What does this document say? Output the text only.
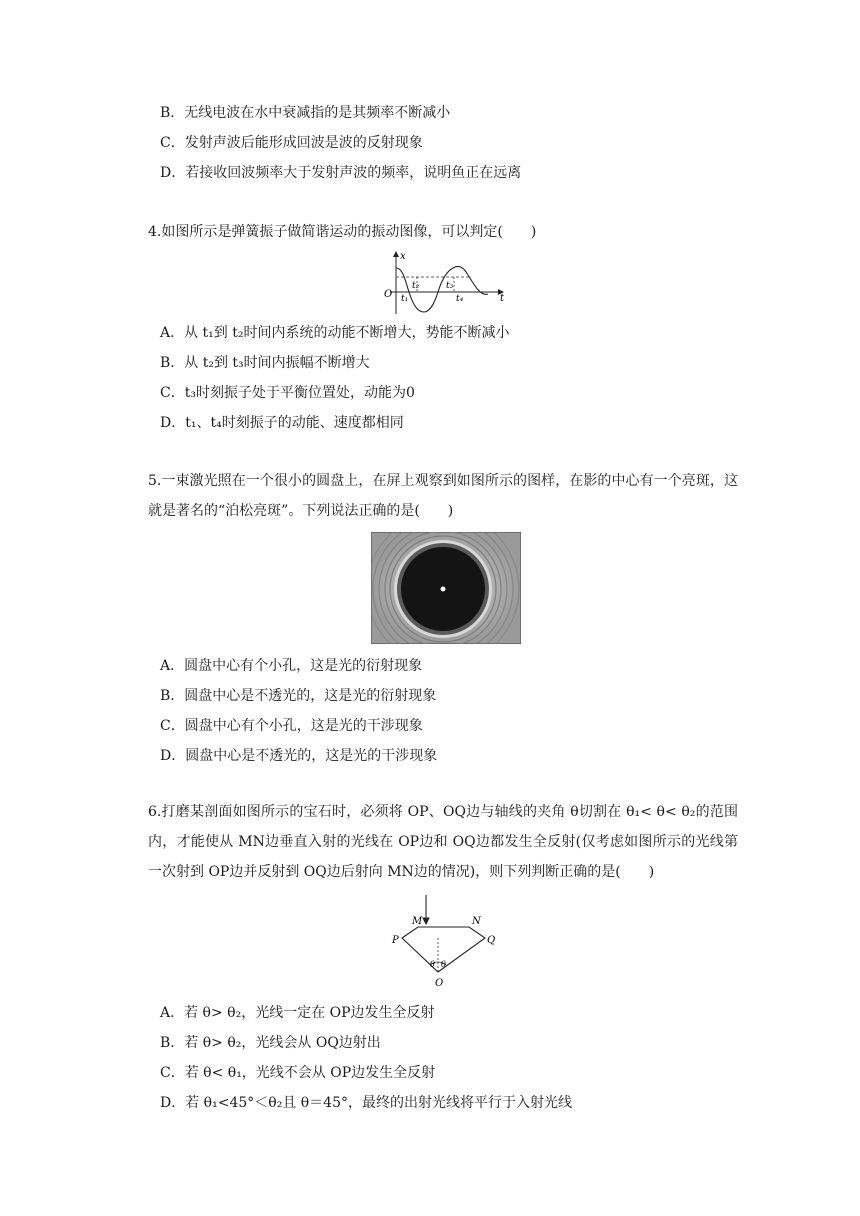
B．无线电波在水中衰减指的是其频率不断减小
C．发射声波后能形成回波是波的反射现象
D．若接收回波频率大于发射声波的频率，说明鱼正在远离
4.如图所示是弹簧振子做简谐运动的振动图像，可以判定(　　)
t
x
O t₁
t₂	t₃
t₄
A．从 t₁到 t₂时间内系统的动能不断增大，势能不断减小
B．从 t₂到 t₃时间内振幅不断增大
C．t₃时刻振子处于平衡位置处，动能为0
D．t₁、t₄时刻振子的动能、速度都相同
5.一束激光照在一个很小的圆盘上，在屏上观察到如图所示的图样，在影的中心有一个亮斑，这就是著名的“泊松亮斑”。下列说法正确的是(　　)
A．圆盘中心有个小孔，这是光的衍射现象
B．圆盘中心是不透光的，这是光的衍射现象
C．圆盘中心有个小孔，这是光的干涉现象
D．圆盘中心是不透光的，这是光的干涉现象
6.打磨某剖面如图所示的宝石时，必须将 OP、OQ边与轴线的夹角 θ切割在 θ₁< θ< θ₂的范围内，才能使从 MN边垂直入射的光线在 OP边和 OQ边都发生全反射(仅考虑如图所示的光线第一次射到 OP边并反射到 OQ边后射向 MN边的情况)，则下列判断正确的是(　　)
M	N
P	Q
O
θ θ
A．若 θ> θ₂，光线一定在 OP边发生全反射
B．若 θ> θ₂，光线会从 OQ边射出
C．若 θ< θ₁，光线不会从 OP边发生全反射
D．若 θ₁<45°＜θ₂且 θ＝45°，最终的出射光线将平行于入射光线
